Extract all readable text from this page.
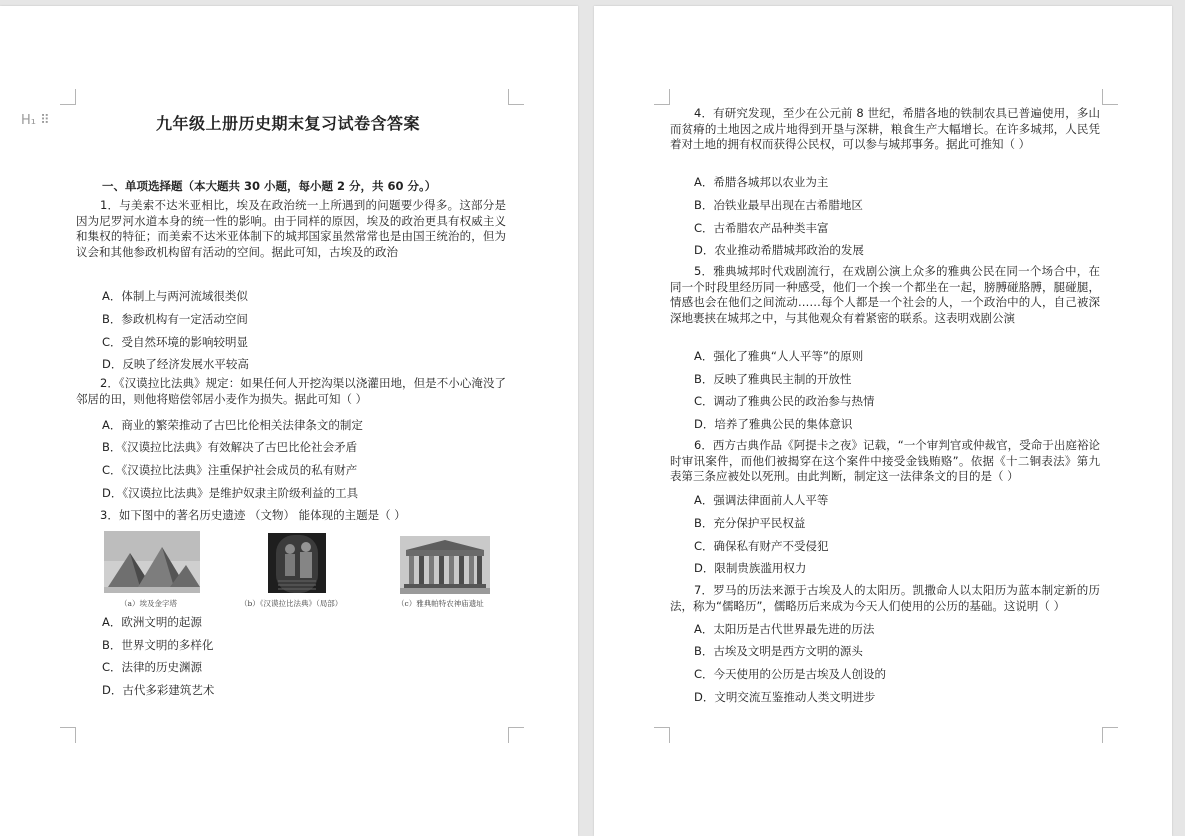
H₁ ⠿	九年级上册历史期末复习试卷含答案
一、单项选择题（本大题共 30 小题，每小题 2 分，共 60 分。）
1．与美索不达米亚相比，埃及在政治统一上所遇到的问题要少得多。这部分是因为尼罗河水道本身的统一性的影响。由于同样的原因，埃及的政治更具有权威主义和集权的特征；而美索不达米亚体制下的城邦国家虽然常常也是由国王统治的，但为议会和其他参政机构留有活动的空间。据此可知，古埃及的政治
A．体制上与两河流域很类似
B．参政机构有一定活动空间
C．受自然环境的影响较明显
D．反映了经济发展水平较高
2．《汉谟拉比法典》规定：如果任何人开挖沟渠以浇灌田地，但是不小心淹没了邻居的田，则他将赔偿邻居小麦作为损失。据此可知（ ）
A．商业的繁荣推动了古巴比伦相关法律条文的制定
B．《汉谟拉比法典》有效解决了古巴比伦社会矛盾
C．《汉谟拉比法典》注重保护社会成员的私有财产
D．《汉谟拉比法典》是维护奴隶主阶级利益的工具
3．如下图中的著名历史遗迹 （文物） 能体现的主题是（ ）
（a）埃及金字塔	（b）《汉谟拉比法典》（局部）	（c）雅典帕特农神庙遗址
A．欧洲文明的起源
B．世界文明的多样化
C．法律的历史渊源
D．古代多彩建筑艺术
4．有研究发现，至少在公元前 8 世纪，希腊各地的铁制农具已普遍使用，多山而贫瘠的土地因之成片地得到开垦与深耕，粮食生产大幅增长。在许多城邦，人民凭着对土地的拥有权而获得公民权，可以参与城邦事务。据此可推知（ ）
A．希腊各城邦以农业为主
B．冶铁业最早出现在古希腊地区
C．古希腊农产品种类丰富
D．农业推动希腊城邦政治的发展
5．雅典城邦时代戏剧流行，在戏剧公演上众多的雅典公民在同一个场合中，在同一个时段里经历同一种感受，他们一个挨一个都坐在一起，膀膊碰胳膊，腿碰腿，情感也会在他们之间流动……每个人都是一个社会的人，一个政治中的人，自己被深深地裹挟在城邦之中，与其他观众有着紧密的联系。这表明戏剧公演
A．强化了雅典“人人平等”的原则
B．反映了雅典民主制的开放性
C．调动了雅典公民的政治参与热情
D．培养了雅典公民的集体意识
6．西方古典作品《阿提卡之夜》记载，“一个审判官或仲裁官，受命于出庭裕论时审讯案件，而他们被揭穿在这个案件中接受金钱贿赂”。依据《十二铜表法》第九表第三条应被处以死刑。由此判断，制定这一法律条文的目的是（ ）
A．强调法律面前人人平等
B．充分保护平民权益
C．确保私有财产不受侵犯
D．限制贵族滥用权力
7．罗马的历法来源于古埃及人的太阳历。凯撒命人以太阳历为蓝本制定新的历法，称为“儒略历”，儒略历后来成为今天人们使用的公历的基础。这说明（ ）
A．太阳历是古代世界最先进的历法
B．古埃及文明是西方文明的源头
C．今天使用的公历是古埃及人创设的
D．文明交流互鉴推动人类文明进步
